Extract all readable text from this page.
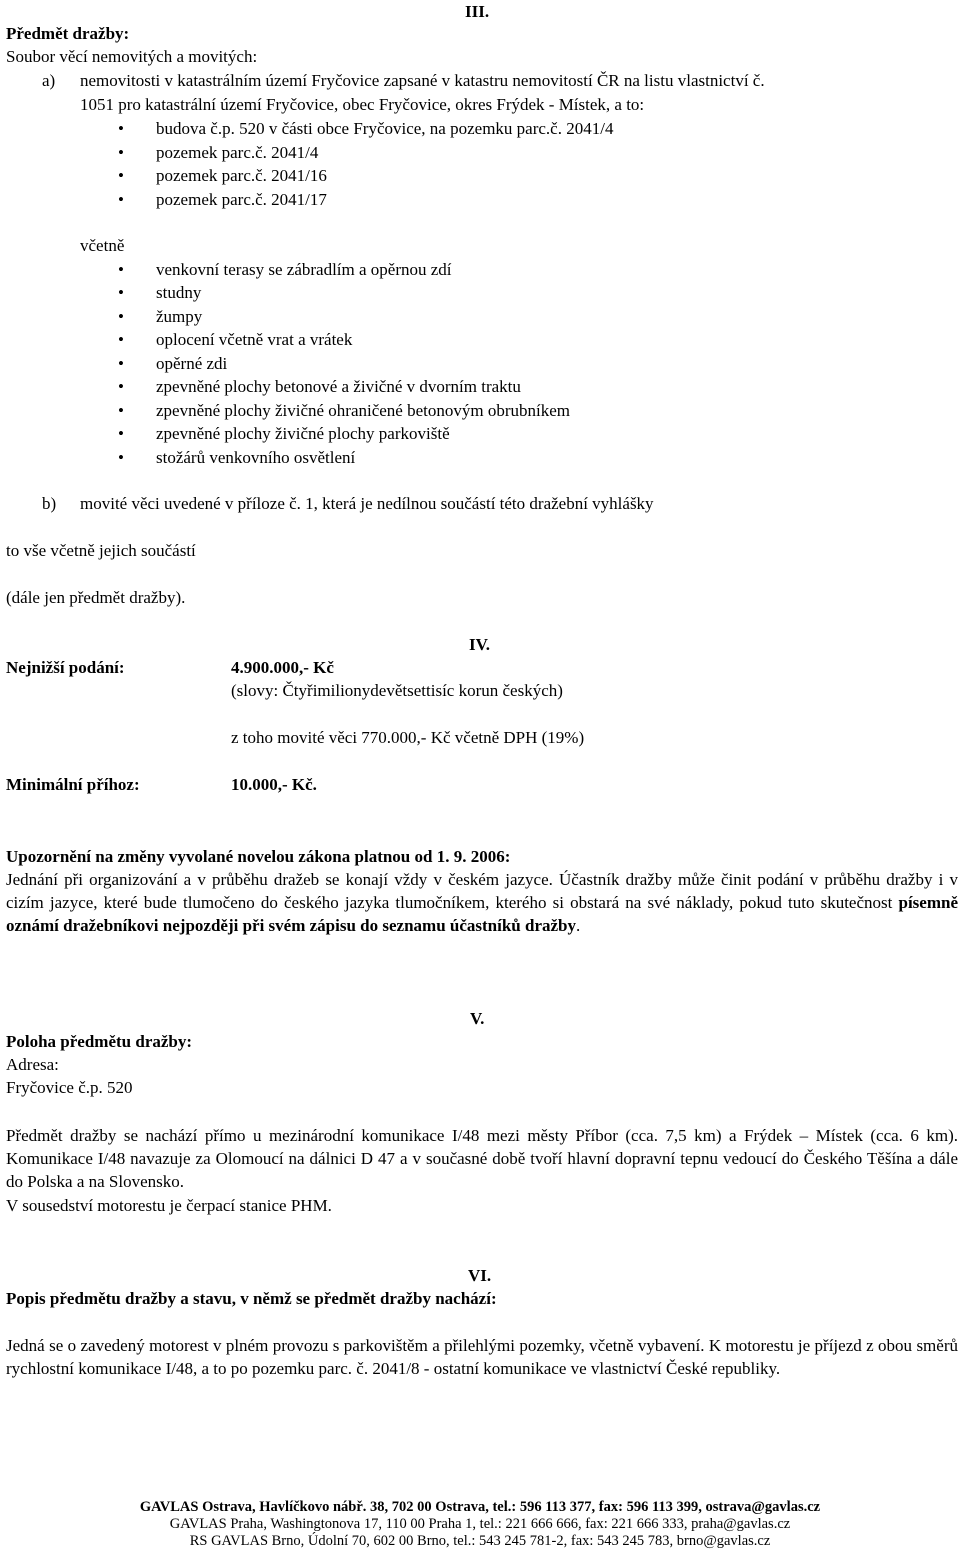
III.
Předmět dražby:
Soubor věcí nemovitých a movitých:
a) nemovitosti v katastrálním území Fryčovice zapsané v katastru nemovitostí ČR na listu vlastnictví č.
1051 pro katastrální území Fryčovice, obec Fryčovice, okres Frýdek - Místek, a to:
• budova č.p. 520 v části obce Fryčovice, na pozemku parc.č. 2041/4
• pozemek parc.č. 2041/4
• pozemek parc.č. 2041/16
• pozemek parc.č. 2041/17
včetně
• venkovní terasy se zábradlím a opěrnou zdí
• studny
• žumpy
• oplocení včetně vrat a vrátek
• opěrné zdi
• zpevněné plochy betonové a živičné v dvorním traktu
• zpevněné plochy živičné ohraničené betonovým obrubníkem
• zpevněné plochy živičné plochy parkoviště
• stožárů venkovního osvětlení
b) movité věci uvedené v příloze č. 1, která je nedílnou součástí této dražební vyhlášky
to vše včetně jejich součástí
(dále jen předmět dražby).
IV.
Nejnižší podání:	4.900.000,- Kč
(slovy: Čtyřimilionydevětsettisíc korun českých)
z toho movité věci 770.000,- Kč včetně DPH (19%)
Minimální příhoz:	10.000,- Kč.
Upozornění na změny vyvolané novelou zákona platnou od 1. 9. 2006:
Jednání při organizování a v průběhu dražeb se konají vždy v českém jazyce. Účastník dražby může činit podání v průběhu dražby i v cizím jazyce, které bude tlumočeno do českého jazyka tlumočníkem, kterého si obstará na své náklady, pokud tuto skutečnost písemně oznámí dražebníkovi nejpozději při svém zápisu do seznamu účastníků dražby.
V.
Poloha předmětu dražby:
Adresa:
Fryčovice č.p. 520
Předmět dražby se nachází přímo u mezinárodní komunikace I/48 mezi městy Příbor (cca. 7,5 km) a Frýdek – Místek (cca. 6 km). Komunikace I/48 navazuje za Olomoucí na dálnici D 47 a v současné době tvoří hlavní dopravní tepnu vedoucí do Českého Těšína a dále do Polska a na Slovensko.
V sousedství motorestu je čerpací stanice PHM.
VI.
Popis předmětu dražby a stavu, v němž se předmět dražby nachází:
Jedná se o zavedený motorest v plném provozu s parkovištěm a přilehlými pozemky, včetně vybavení. K motorestu je příjezd z obou směrů rychlostní komunikace I/48, a to po pozemku parc. č. 2041/8 - ostatní komunikace ve vlastnictví České republiky.
GAVLAS Ostrava, Havlíčkovo nábř. 38, 702 00 Ostrava, tel.: 596 113 377, fax: 596 113 399, ostrava@gavlas.cz
GAVLAS Praha, Washingtonova 17, 110 00 Praha 1, tel.: 221 666 666, fax: 221 666 333, praha@gavlas.cz
RS GAVLAS Brno, Údolní 70, 602 00 Brno, tel.: 543 245 781-2, fax: 543 245 783, brno@gavlas.cz
